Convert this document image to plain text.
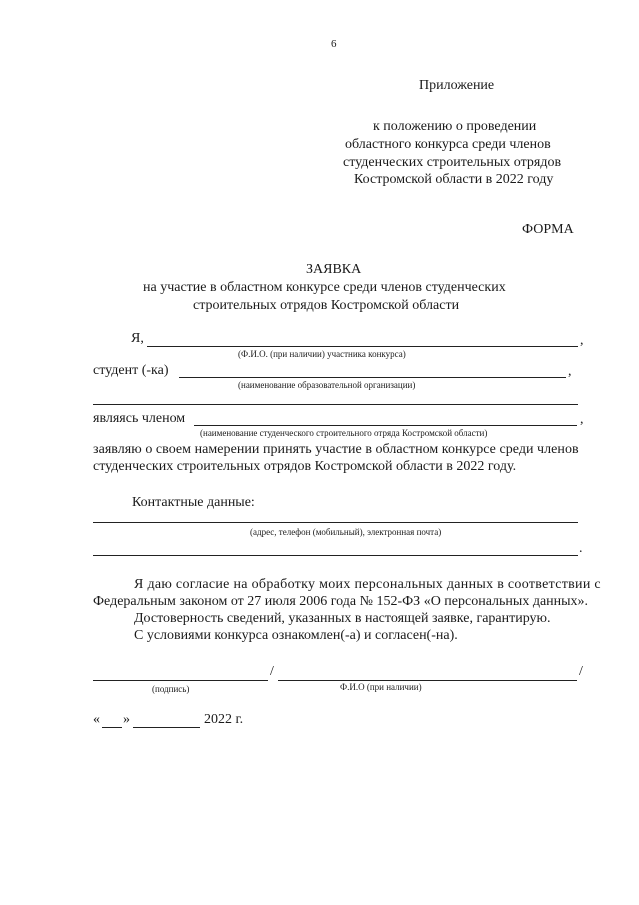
6
Приложение
к положению о проведении
областного конкурса среди членов
студенческих строительных отрядов
Костромской области в 2022 году
ФОРМА
ЗАЯВКА
на участие в областном конкурсе среди членов студенческих
строительных отрядов Костромской области
Я,	,
(Ф.И.О. (при наличии) участника конкурса)
студент (-ка)	,
(наименование образовательной организации)
являясь членом	,
(наименование студенческого строительного отряда Костромской области)
заявляю о своем намерении принять участие в областном конкурсе среди членов
студенческих строительных отрядов Костромской области в 2022 году.
Контактные данные:
(адрес, телефон (мобильный), электронная почта)
.
Я даю согласие на обработку моих персональных данных в соответствии с
Федеральным законом от 27 июля 2006 года № 152-ФЗ «О персональных данных».
Достоверность сведений, указанных в настоящей заявке, гарантирую.
С условиями конкурса ознакомлен(-а) и согласен(-на).
/	/
(подпись)	Ф.И.О (при наличии)
« »	2022 г.
